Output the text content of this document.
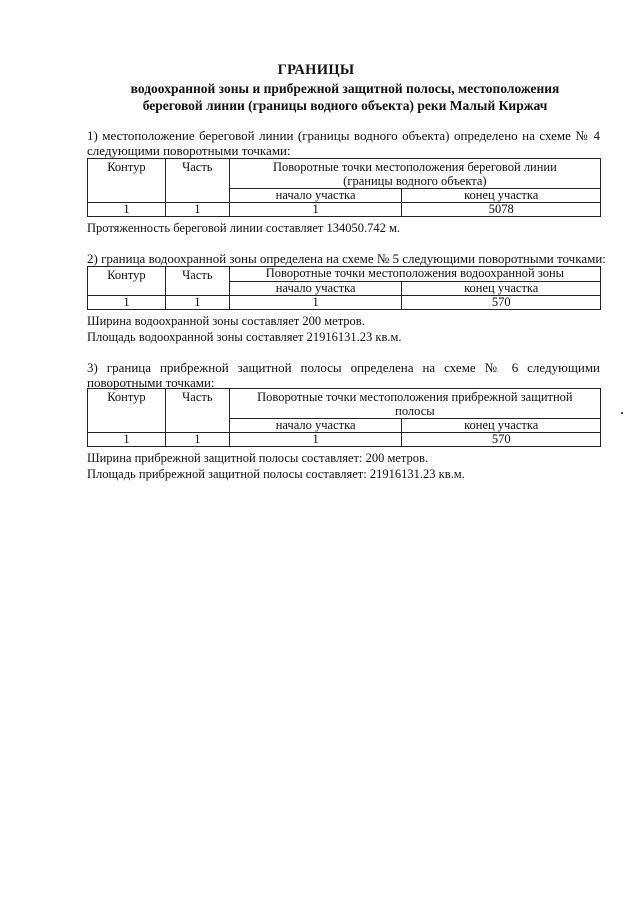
ГРАНИЦЫ
водоохранной зоны и прибрежной защитной полосы, местоположения
береговой линии (границы водного объекта) реки Малый Киржач
1) местоположение береговой линии (границы водного объекта) определено на схеме № 4 следующими поворотными точками:
Контур	Часть	Поворотные точки местоположения береговой линии (границы водного объекта)	
		начало участка	конец участка
1	1	1	5078
Протяженность береговой линии составляет 134050.742 м.
2) граница водоохранной зоны определена на схеме № 5 следующими поворотными точками:
Контур	Часть	Поворотные точки местоположения водоохранной зоны	
		начало участка	конец участка
1	1	1	570
Ширина водоохранной зоны составляет 200 метров.
Площадь водоохранной зоны составляет 21916131.23 кв.м.
3) граница прибрежной защитной полосы определена на схеме № 6 следующими поворотными точками:
Контур	Часть	Поворотные точки местоположения прибрежной защитной полосы	
		начало участка	конец участка
1	1	1	570
Ширина прибрежной защитной полосы составляет: 200 метров.
Площадь прибрежной защитной полосы составляет: 21916131.23 кв.м.
